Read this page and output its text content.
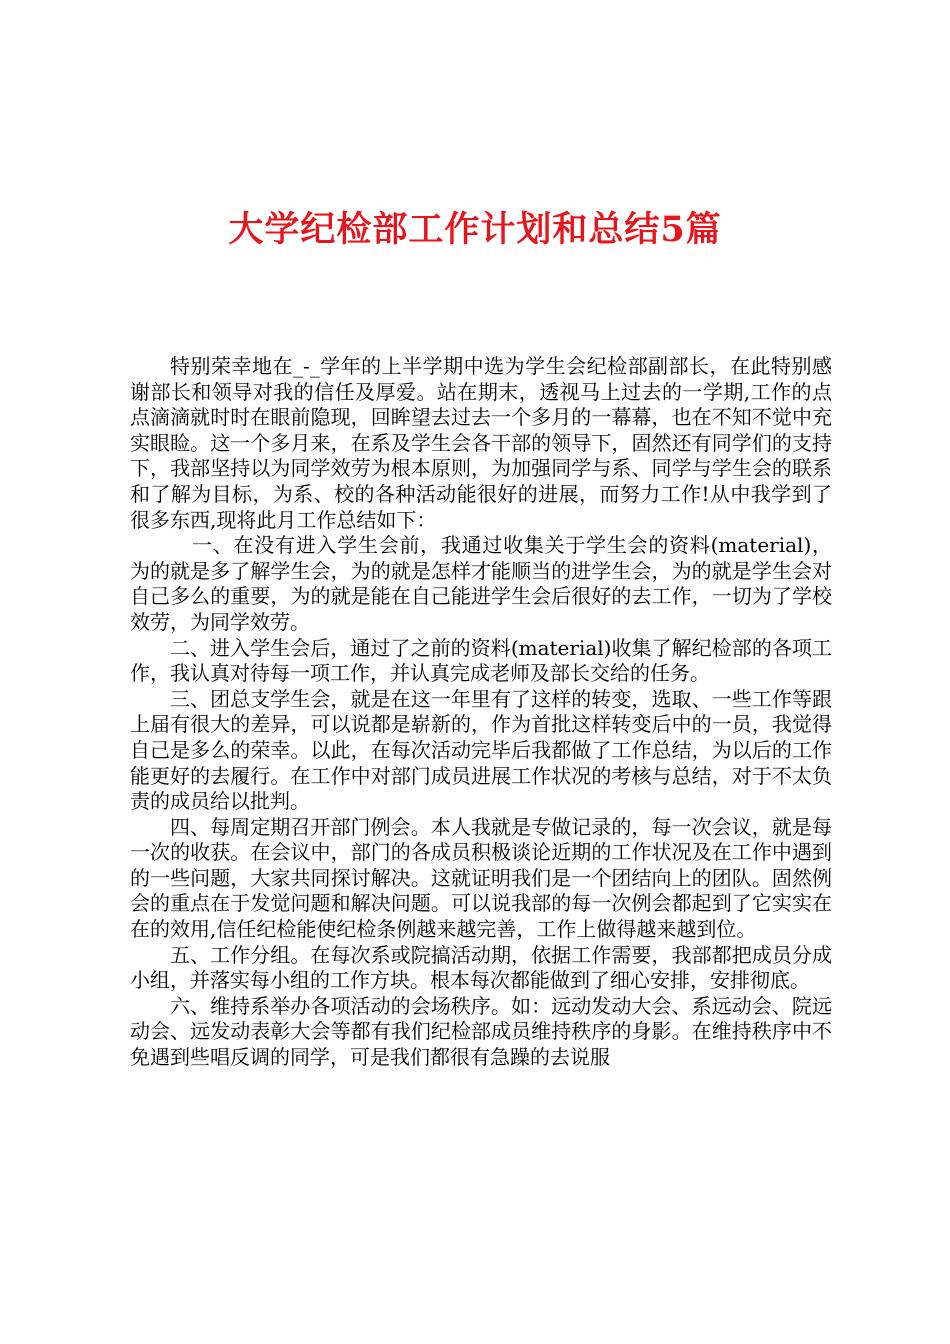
大学纪检部工作计划和总结5篇

特别荣幸地在_-_学年的上半学期中选为学生会纪检部副部长，在此特别感谢部长和领导对我的信任及厚爱。站在期末，透视马上过去的一学期,工作的点点滴滴就时时在眼前隐现，回眸望去过去一个多月的一幕幕，也在不知不觉中充实眼睑。这一个多月来，在系及学生会各干部的领导下，固然还有同学们的支持下，我部坚持以为同学效劳为根本原则，为加强同学与系、同学与学生会的联系和了解为目标，为系、校的各种活动能很好的进展，而努力工作!从中我学到了很多东西,现将此月工作总结如下：

一、在没有进入学生会前，我通过收集关于学生会的资料(material)，为的就是多了解学生会，为的就是怎样才能顺当的进学生会，为的就是学生会对自己多么的重要，为的就是能在自己能进学生会后很好的去工作，一切为了学校效劳，为同学效劳。

二、进入学生会后，通过了之前的资料(material)收集了解纪检部的各项工作，我认真对待每一项工作，并认真完成老师及部长交给的任务。

三、团总支学生会，就是在这一年里有了这样的转变，选取、一些工作等跟上届有很大的差异，可以说都是崭新的，作为首批这样转变后中的一员，我觉得自己是多么的荣幸。以此，在每次活动完毕后我都做了工作总结，为以后的工作能更好的去履行。在工作中对部门成员进展工作状况的考核与总结，对于不太负责的成员给以批判。

四、每周定期召开部门例会。本人我就是专做记录的，每一次会议，就是每一次的收获。在会议中，部门的各成员积极谈论近期的工作状况及在工作中遇到的一些问题，大家共同探讨解决。这就证明我们是一个团结向上的团队。固然例会的重点在于发觉问题和解决问题。可以说我部的每一次例会都起到了它实实在在的效用,信任纪检能使纪检条例越来越完善，工作上做得越来越到位。

五、工作分组。在每次系或院搞活动期，依据工作需要，我部都把成员分成小组，并落实每小组的工作方块。根本每次都能做到了细心安排，安排彻底。

六、维持系举办各项活动的会场秩序。如：远动发动大会、系远动会、院远动会、远发动表彰大会等都有我们纪检部成员维持秩序的身影。在维持秩序中不免遇到些唱反调的同学，可是我们都很有急躁的去说服
